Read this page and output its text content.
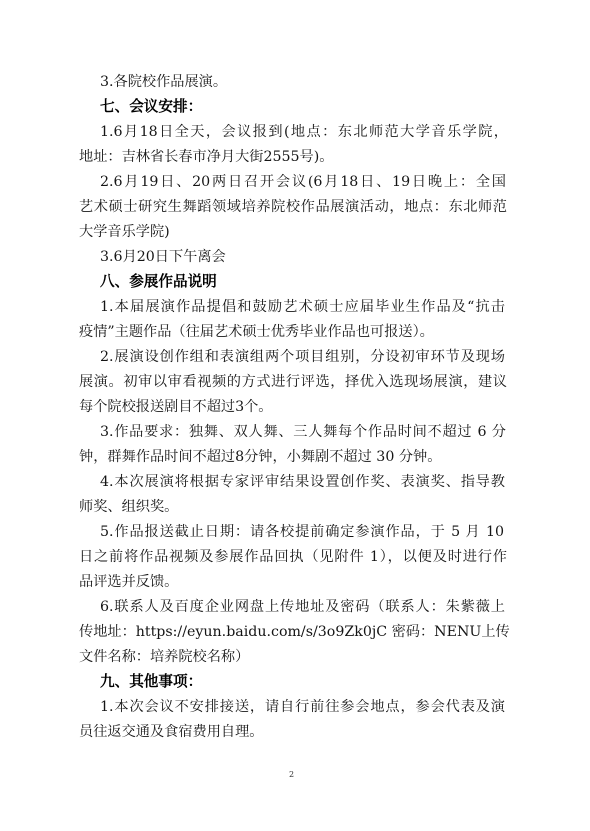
3.各院校作品展演。
七、会议安排：
1.6月18日全天，会议报到(地点：东北师范大学音乐学院，
地址：吉林省长春市净月大街2555号)。
2.6月19日、20两日召开会议(6月18日、19日晚上：全国
艺术硕士研究生舞蹈领域培养院校作品展演活动，地点：东北师范
大学音乐学院)
3.6月20日下午离会
八、参展作品说明
1.本届展演作品提倡和鼓励艺术硕士应届毕业生作品及“抗击
疫情”主题作品（往届艺术硕士优秀毕业作品也可报送）。
2.展演设创作组和表演组两个项目组别，分设初审环节及现场
展演。初审以审看视频的方式进行评选，择优入选现场展演，建议
每个院校报送剧目不超过3个。
3.作品要求：独舞、双人舞、三人舞每个作品时间不超过 6 分
钟，群舞作品时间不超过8分钟，小舞剧不超过 30 分钟。
4.本次展演将根据专家评审结果设置创作奖、表演奖、指导教
师奖、组织奖。
5.作品报送截止日期：请各校提前确定参演作品，于 5 月 10
日之前将作品视频及参展作品回执（见附件 1），以便及时进行作
品评选并反馈。
6.联系人及百度企业网盘上传地址及密码（联系人：朱紫薇上
传地址：https://eyun.baidu.com/s/3o9Zk0jC 密码：NENU上传
文件名称：培养院校名称）
九、其他事项：
1.本次会议不安排接送，请自行前往参会地点，参会代表及演
员往返交通及食宿费用自理。
2
